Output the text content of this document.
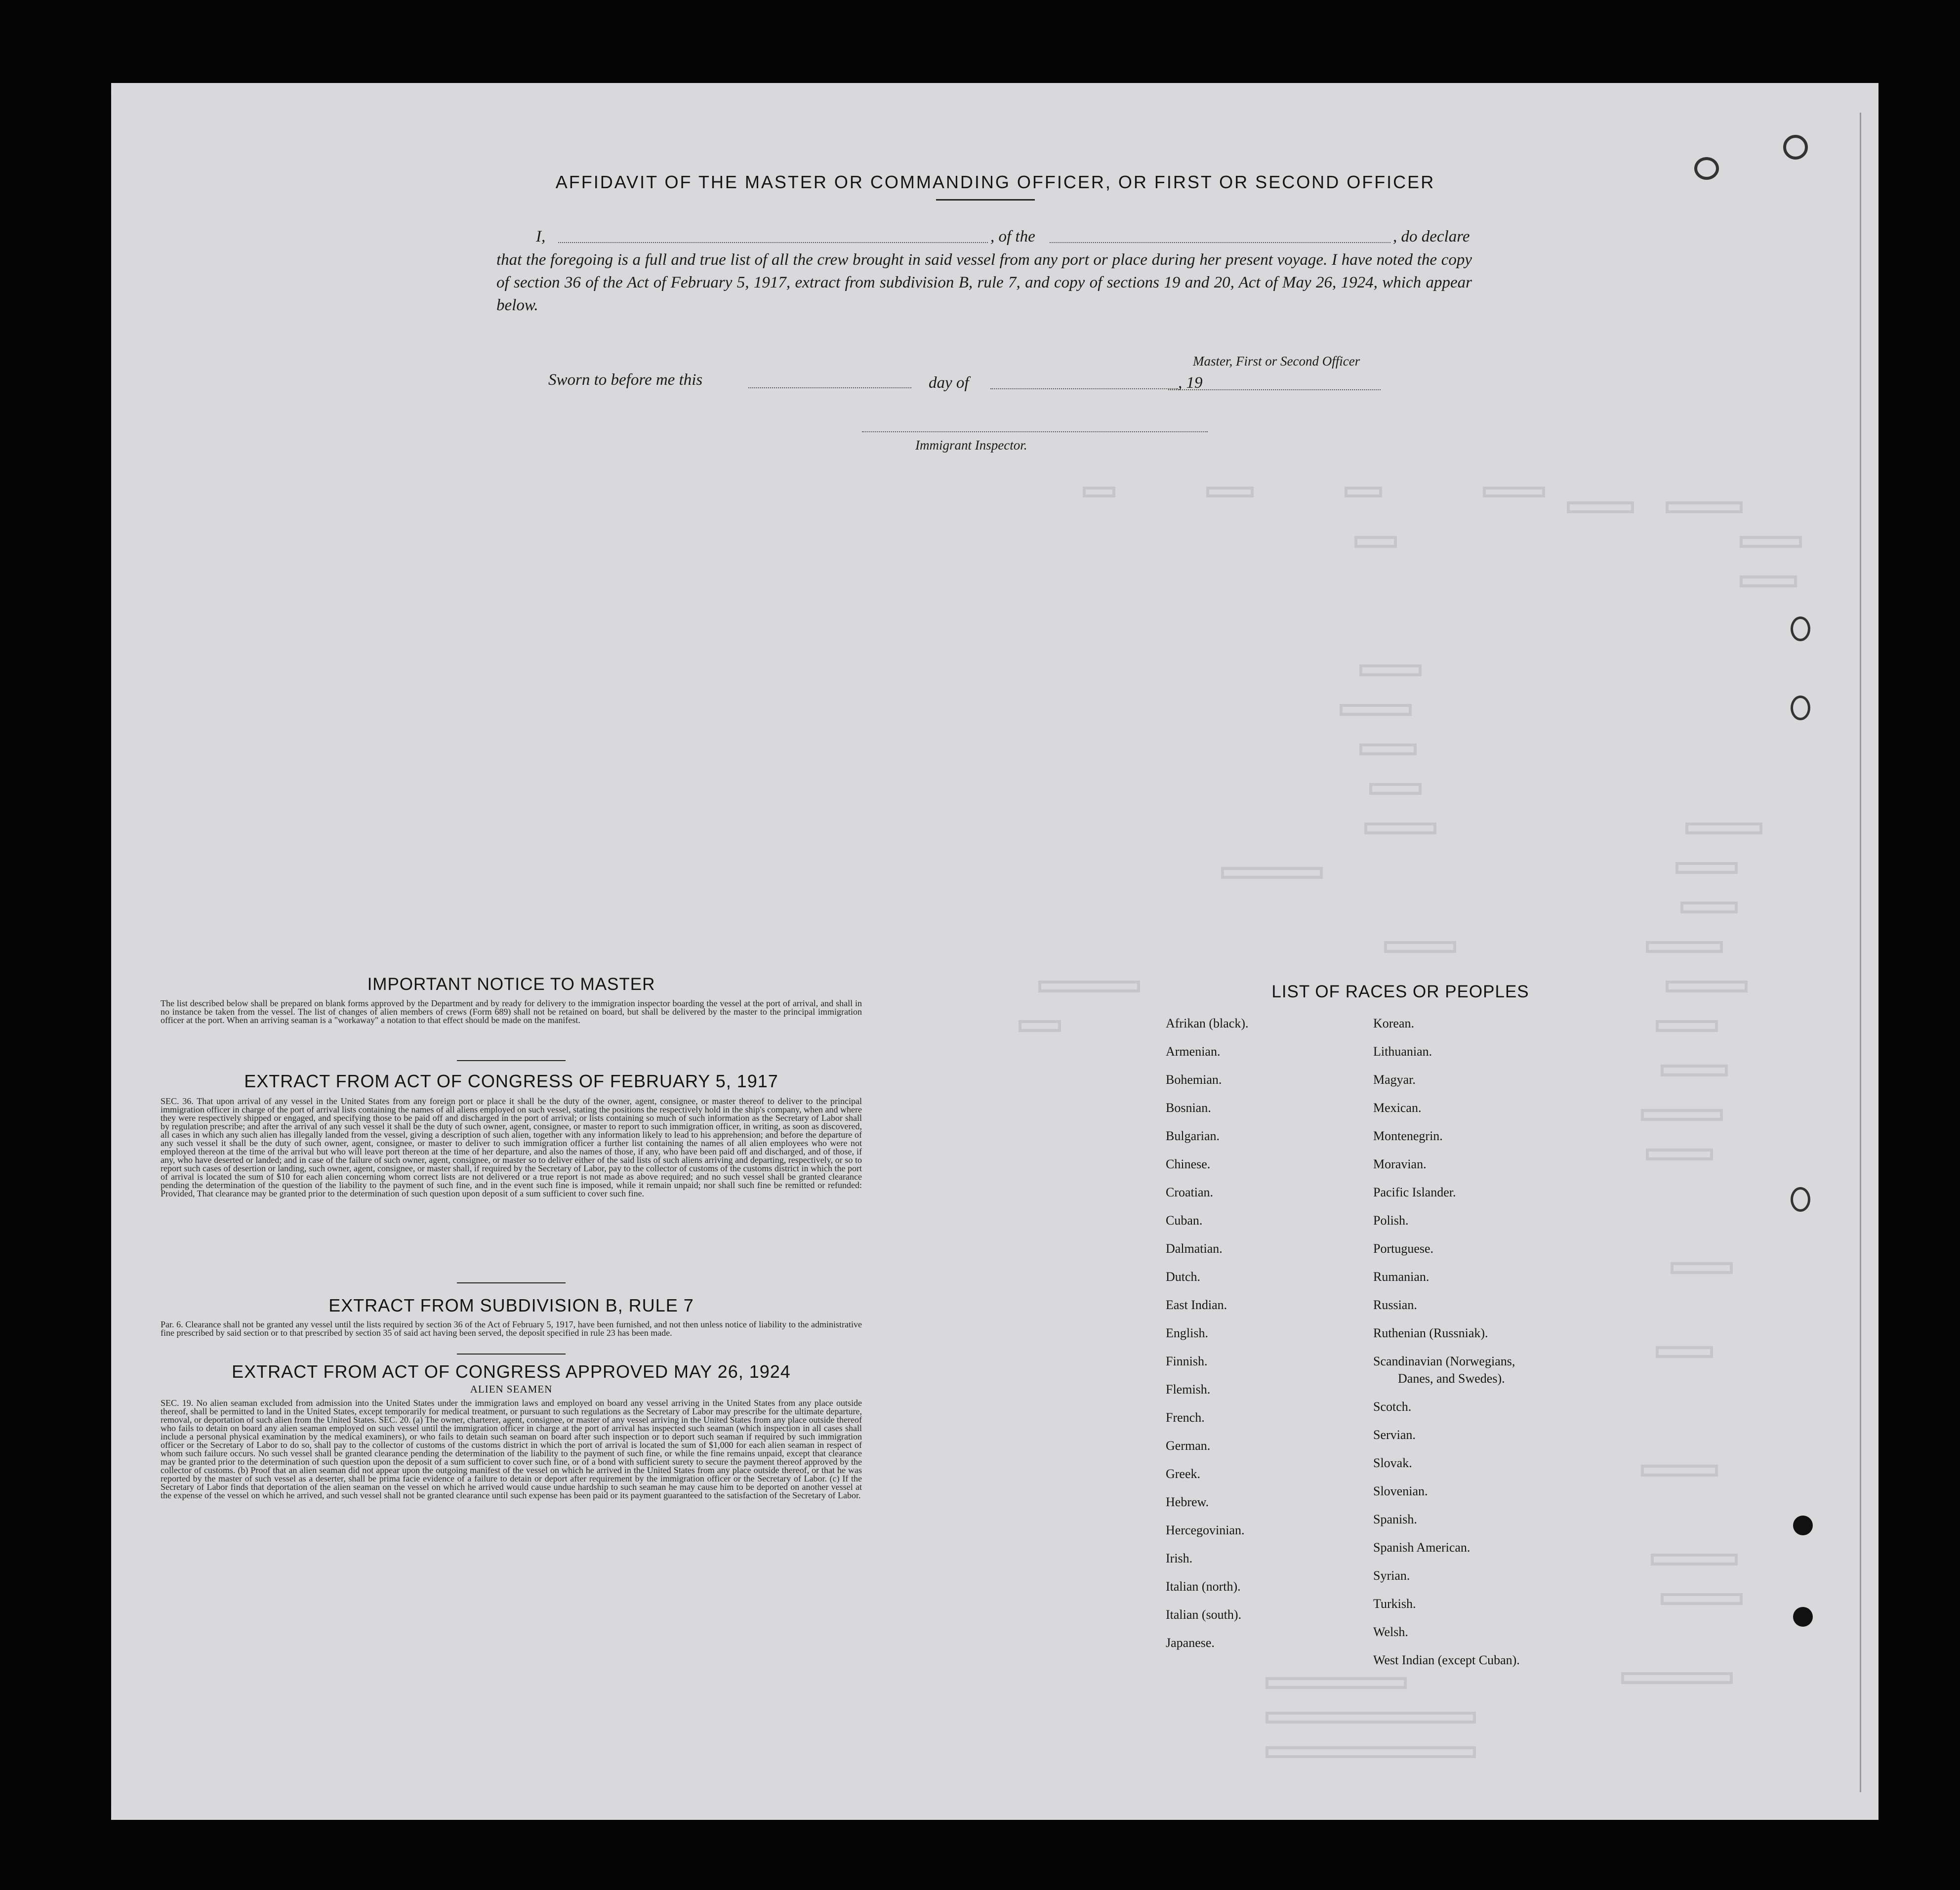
AFFIDAVIT OF THE MASTER OR COMMANDING OFFICER, OR FIRST OR SECOND OFFICER
I,	, of the	, do declare
that the foregoing is a full and true list of all the crew brought in said vessel from any port or place during her present voyage. I have noted the copy of section 36 of the Act of February 5, 1917, extract from subdivision B, rule 7, and copy of sections 19 and 20, Act of May 26, 1924, which appear below.
Master, First or Second Officer
Sworn to before me this	day of	, 19
Immigrant Inspector.
IMPORTANT NOTICE TO MASTER
The list described below shall be prepared on blank forms approved by the Department and by ready for delivery to the immigration inspector boarding the vessel at the port of arrival, and shall in no instance be taken from the vessel. The list of changes of alien members of crews (Form 689) shall not be retained on board, but shall be delivered by the master to the principal immigration officer at the port. When an arriving seaman is a "workaway" a notation to that effect should be made on the manifest.
EXTRACT FROM ACT OF CONGRESS OF FEBRUARY 5, 1917
SEC. 36. That upon arrival of any vessel in the United States from any foreign port or place it shall be the duty of the owner, agent, consignee, or master thereof to deliver to the principal immigration officer in charge of the port of arrival lists containing the names of all aliens employed on such vessel, stating the positions the respectively hold in the ship's company, when and where they were respectively shipped or engaged, and specifying those to be paid off and discharged in the port of arrival; or lists containing so much of such information as the Secretary of Labor shall by regulation prescribe; and after the arrival of any such vessel it shall be the duty of such owner, agent, consignee, or master to report to such immigration officer, in writing, as soon as discovered, all cases in which any such alien has illegally landed from the vessel, giving a description of such alien, together with any information likely to lead to his apprehension; and before the departure of any such vessel it shall be the duty of such owner, agent, consignee, or master to deliver to such immigration officer a further list containing the names of all alien employees who were not employed thereon at the time of the arrival but who will leave port thereon at the time of her departure, and also the names of those, if any, who have been paid off and discharged, and of those, if any, who have deserted or landed; and in case of the failure of such owner, agent, consignee, or master so to deliver either of the said lists of such aliens arriving and departing, respectively, or so to report such cases of desertion or landing, such owner, agent, consignee, or master shall, if required by the Secretary of Labor, pay to the collector of customs of the customs district in which the port of arrival is located the sum of $10 for each alien concerning whom correct lists are not delivered or a true report is not made as above required; and no such vessel shall be granted clearance pending the determination of the question of the liability to the payment of such fine, and in the event such fine is imposed, while it remain unpaid; nor shall such fine be remitted or refunded: Provided, That clearance may be granted prior to the determination of such question upon deposit of a sum sufficient to cover such fine.
EXTRACT FROM SUBDIVISION B, RULE 7
Par. 6. Clearance shall not be granted any vessel until the lists required by section 36 of the Act of February 5, 1917, have been furnished, and not then unless notice of liability to the administrative fine prescribed by said section or to that prescribed by section 35 of said act having been served, the deposit specified in rule 23 has been made.
EXTRACT FROM ACT OF CONGRESS APPROVED MAY 26, 1924
ALIEN SEAMEN
SEC. 19. No alien seaman excluded from admission into the United States under the immigration laws and employed on board any vessel arriving in the United States from any place outside thereof, shall be permitted to land in the United States, except temporarily for medical treatment, or pursuant to such regulations as the Secretary of Labor may prescribe for the ultimate departure, removal, or deportation of such alien from the United States. SEC. 20. (a) The owner, charterer, agent, consignee, or master of any vessel arriving in the United States from any place outside thereof who fails to detain on board any alien seaman employed on such vessel until the immigration officer in charge at the port of arrival has inspected such seaman (which inspection in all cases shall include a personal physical examination by the medical examiners), or who fails to detain such seaman on board after such inspection or to deport such seaman if required by such immigration officer or the Secretary of Labor to do so, shall pay to the collector of customs of the customs district in which the port of arrival is located the sum of $1,000 for each alien seaman in respect of whom such failure occurs. No such vessel shall be granted clearance pending the determination of the liability to the payment of such fine, or while the fine remains unpaid, except that clearance may be granted prior to the determination of such question upon the deposit of a sum sufficient to cover such fine, or of a bond with sufficient surety to secure the payment thereof approved by the collector of customs. (b) Proof that an alien seaman did not appear upon the outgoing manifest of the vessel on which he arrived in the United States from any place outside thereof, or that he was reported by the master of such vessel as a deserter, shall be prima facie evidence of a failure to detain or deport after requirement by the immigration officer or the Secretary of Labor. (c) If the Secretary of Labor finds that deportation of the alien seaman on the vessel on which he arrived would cause undue hardship to such seaman he may cause him to be deported on another vessel at the expense of the vessel on which he arrived, and such vessel shall not be granted clearance until such expense has been paid or its payment guaranteed to the satisfaction of the Secretary of Labor.
LIST OF RACES OR PEOPLES
Afrikan (black).
Armenian.
Bohemian.
Bosnian.
Bulgarian.
Chinese.
Croatian.
Cuban.
Dalmatian.
Dutch.
East Indian.
English.
Finnish.
Flemish.
French.
German.
Greek.
Hebrew.
Hercegovinian.
Irish.
Italian (north).
Italian (south).
Japanese.
Korean.
Lithuanian.
Magyar.
Mexican.
Montenegrin.
Moravian.
Pacific Islander.
Polish.
Portuguese.
Rumanian.
Russian.
Ruthenian (Russniak).
Scandinavian (Norwegians,
Danes, and Swedes).
Scotch.
Servian.
Slovak.
Slovenian.
Spanish.
Spanish American.
Syrian.
Turkish.
Welsh.
West Indian (except Cuban).
